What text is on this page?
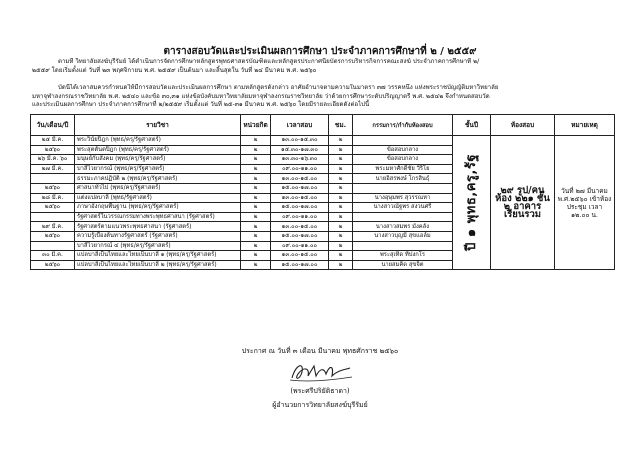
ตารางสอบวัดและประเมินผลการศึกษา ประจำภาคการศึกษาที่ ๒ / ๒๕๕๙
ตามที่ วิทยาลัยสงฆ์บุรีรัมย์ ได้ดำเนินการจัดการศึกษาหลักสูตรพุทธศาสตรบัณฑิตและหลักสูตรประกาศนียบัตรการบริหารกิจการคณะสงฆ์ ประจำภาคการศึกษาที่ ๒/
๒๕๕๙ โดยเริ่มตั้งแต่ วันที่ ๒๓ พฤศจิกายน พ.ศ. ๒๕๕๙ เป็นต้นมา และสิ้นสุดใน วันที่ ๒๔ มีนาคม พ.ศ. ๒๕๖๐
บัดนี้ได้เวลาสมควรกำหนดให้มีการสอบวัดและประเมินผลการศึกษา ตามหลักสูตรดังกล่าว อาศัยอำนาจตามความในมาตรา ๓๗ วรรคหนึ่ง แห่งพระราชบัญญัติมหาวิทยาลัย
มหาจุฬาลงกรณราชวิทยาลัย พ.ศ. ๒๕๔๐ และข้อ ๓๐,๓๑ แห่งข้อบังคับมหาวิทยาลัยมหาจุฬาลงกรณราชวิทยาลัย ว่าด้วยการศึกษาระดับปริญญาตรี พ.ศ. ๒๕๔๒ จึงกำหนดสอบวัด
และประเมินผลการศึกษา ประจำภาคการศึกษาที่ ๒/๒๕๕๙ เริ่มตั้งแต่ วันที่ ๒๕-๓๑ มีนาคม พ.ศ. ๒๕๖๐ โดยมีรายละเอียดดังต่อไปนี้
วัน/เดือน/ปี	รายวิชา	หน่วยกิต	เวลาสอบ	ชม.	กรรมการ/กำกับห้องสอบ	ชั้นปี	ห้องสอบ	หมายเหตุ
๒๕ มี.ค.	พระวินัยปิฎก (พุทธ/ครุ/รัฐศาสตร์)	๒	๑๓.๐๐-๑๕.๓๐	๒		ปี ๑ พุทธ,ครู,รัฐ	๒๙ รูป/คน ห้อง ๒๒๑ ชั้น ๒ อาคาร เรียนรวม	วันที่ ๒๗ มีนาคม พ.ศ.๒๕๖๐ เข้าห้องประชุม เวลา ๑๒.๐๐ น.
๒๕๖๐	พระสุตตันตปิฎก (พุทธ/ครุ/รัฐศาสตร์)	๒	๑๕.๓๐-๑๗.๓๐	๒	ข้อสอบกลาง			
๒๖ มี.ค. ๖๐	มนุษย์กับสังคม (พุทธ/ครุ/รัฐศาสตร์)	๒	๑๓.๓๐-๑๖.๓๐	๒	ข้อสอบกลาง			
๒๗ มี.ค.	บาลีไวยากรณ์ (พุทธ/ครุ/รัฐศาสตร์)	๒	๐๙.๐๐-๑๑.๐๐	๒	พระมหาศักดิ์ชัย วีริโย			
	ธรรมะภาคปฏิบัติ ๒ (พุทธ/ครุ/รัฐศาสตร์)	๒	๑๓.๐๐-๑๕.๐๐	๒	นายอิสรพงษ์ โกรสินธุ์			
๒๕๖๐	ศาสนาทั่วไป (พุทธ/ครุ/รัฐศาสตร์)	๒	๑๕.๐๐-๑๗.๐๐	๒				
๒๘ มี.ค.	แต่งแปลบาลี (พุทธ/รัฐศาสตร์)	๒	๑๓.๐๐-๑๕.๐๐	๒	นางอุษุมพร สุวรรณหา			
๒๕๖๐	ภาษาอังกฤษพื้นฐาน (พุทธ/ครุ/รัฐศาสตร์)	๒	๑๕.๐๐-๑๗.๐๐	๒	นางสาวณัฐพร สงวนศรี			
	รัฐศาสตร์ในวรรณกรรมทางพระพุทธศาสนา (รัฐศาสตร์)	๒	๐๙.๐๐-๑๑.๐๐	๒				
๒๙ มี.ค.	รัฐศาสตร์ตามแนวพระพุทธศาสนา (รัฐศาสตร์)	๒	๑๓.๐๐-๑๕.๐๐	๒	นางสาวสมพร มังคลัง			
๒๕๖๐	ความรู้เบื้องต้นทางรัฐศาสตร์ (รัฐศาสตร์)	๒	๑๕.๐๐-๑๗.๐๐	๒	นางสาวบุญมี สุขแอล์ม			
	บาลีไวยากรณ์ ๔ (พุทธ/ครุ/รัฐศาสตร์)	๒	๐๙.๐๐-๑๑.๐๐	๒				
๓๐ มี.ค.	แปลบาลีเป็นไทยและไทยเป็นบาลี ๑ (พุทธ/ครุ/รัฐศาสตร์)	๒	๑๓.๐๐-๑๕.๐๐	๒	พระสุเทิด ทีปงกโร			
๒๕๖๐	แปลบาลีเป็นไทยและไทยเป็นบาลี ๒ (พุทธ/ครุ/รัฐศาสตร์)	๒	๑๕.๐๐-๑๗.๐๐	๒	นายสมคิด สุขจิต			
ประกาศ ณ วันที่ ๓ เดือน มีนาคม พุทธศักราช ๒๕๖๐
(พระศรีปริยัติธาดา)
ผู้อำนวยการวิทยาลัยสงฆ์บุรีรัมย์
